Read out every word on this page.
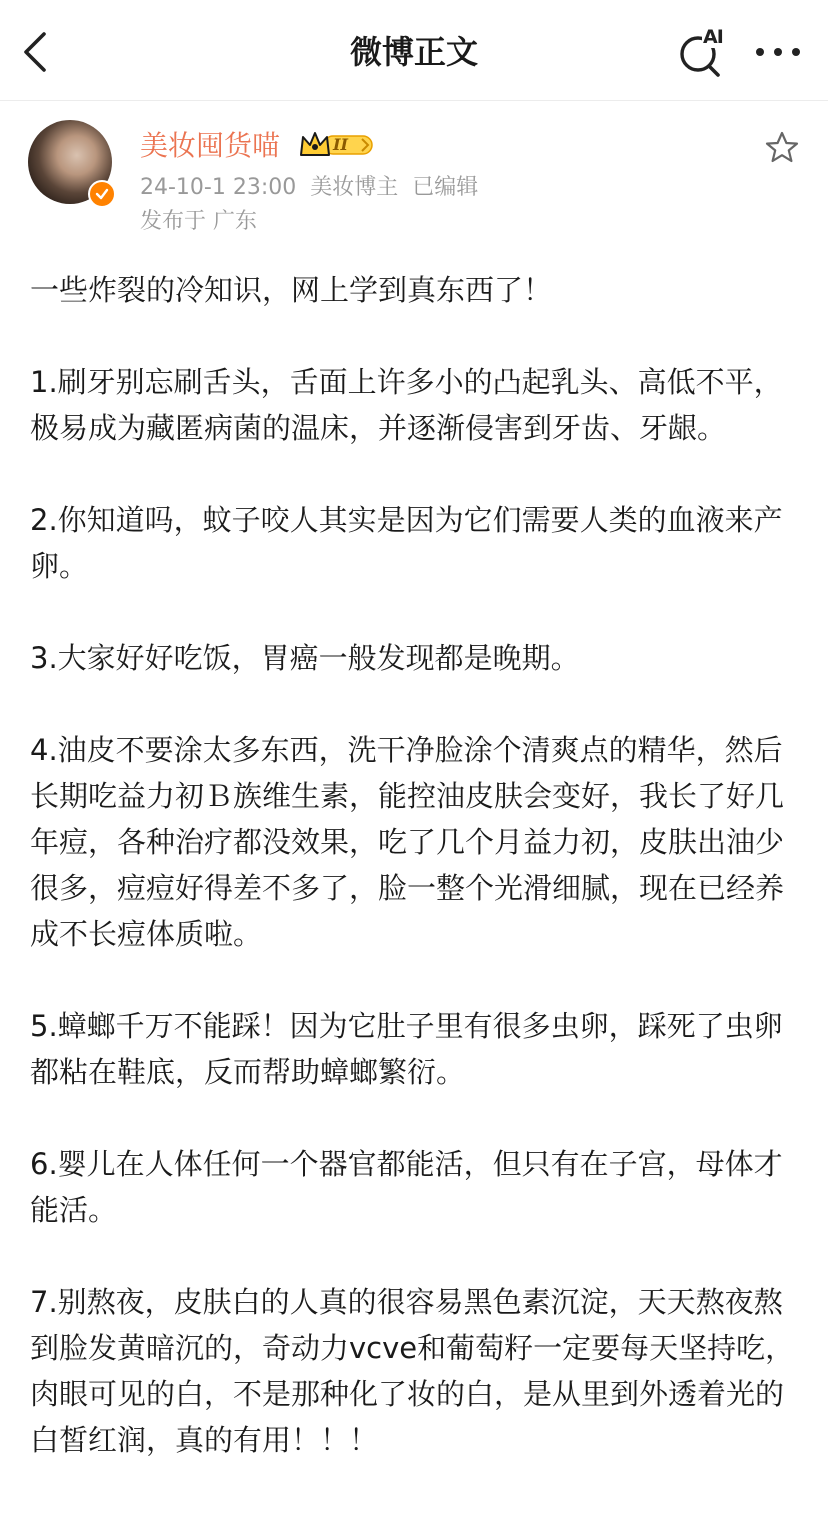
微博正文	AI
美妆囤货喵	II
24-10-1 23:00 美妆博主 已编辑
发布于 广东

一些炸裂的冷知识，网上学到真东西了！

1.刷牙别忘刷舌头，舌面上许多小的凸起乳头、高低不平，极易成为藏匿病菌的温床，并逐渐侵害到牙齿、牙龈。

2.你知道吗，蚊子咬人其实是因为它们需要人类的血液来产卵。

3.大家好好吃饭，胃癌一般发现都是晚期。

4.油皮不要涂太多东西，洗干净脸涂个清爽点的精华，然后长期吃益力初Ｂ族维生素，能控油皮肤会变好，我长了好几年痘，各种治疗都没效果，吃了几个月益力初，皮肤出油少很多，痘痘好得差不多了，脸一整个光滑细腻，现在已经养成不长痘体质啦。

5.蟑螂千万不能踩！因为它肚子里有很多虫卵，踩死了虫卵都粘在鞋底，反而帮助蟑螂繁衍。

6.婴儿在人体任何一个器官都能活，但只有在子宫，母体才能活。

7.别熬夜，皮肤白的人真的很容易黑色素沉淀，天天熬夜熬到脸发黄暗沉的，奇动力vcve和葡萄籽一定要每天坚持吃，肉眼可见的白，不是那种化了妆的白，是从里到外透着光的白皙红润，真的有用！！！
